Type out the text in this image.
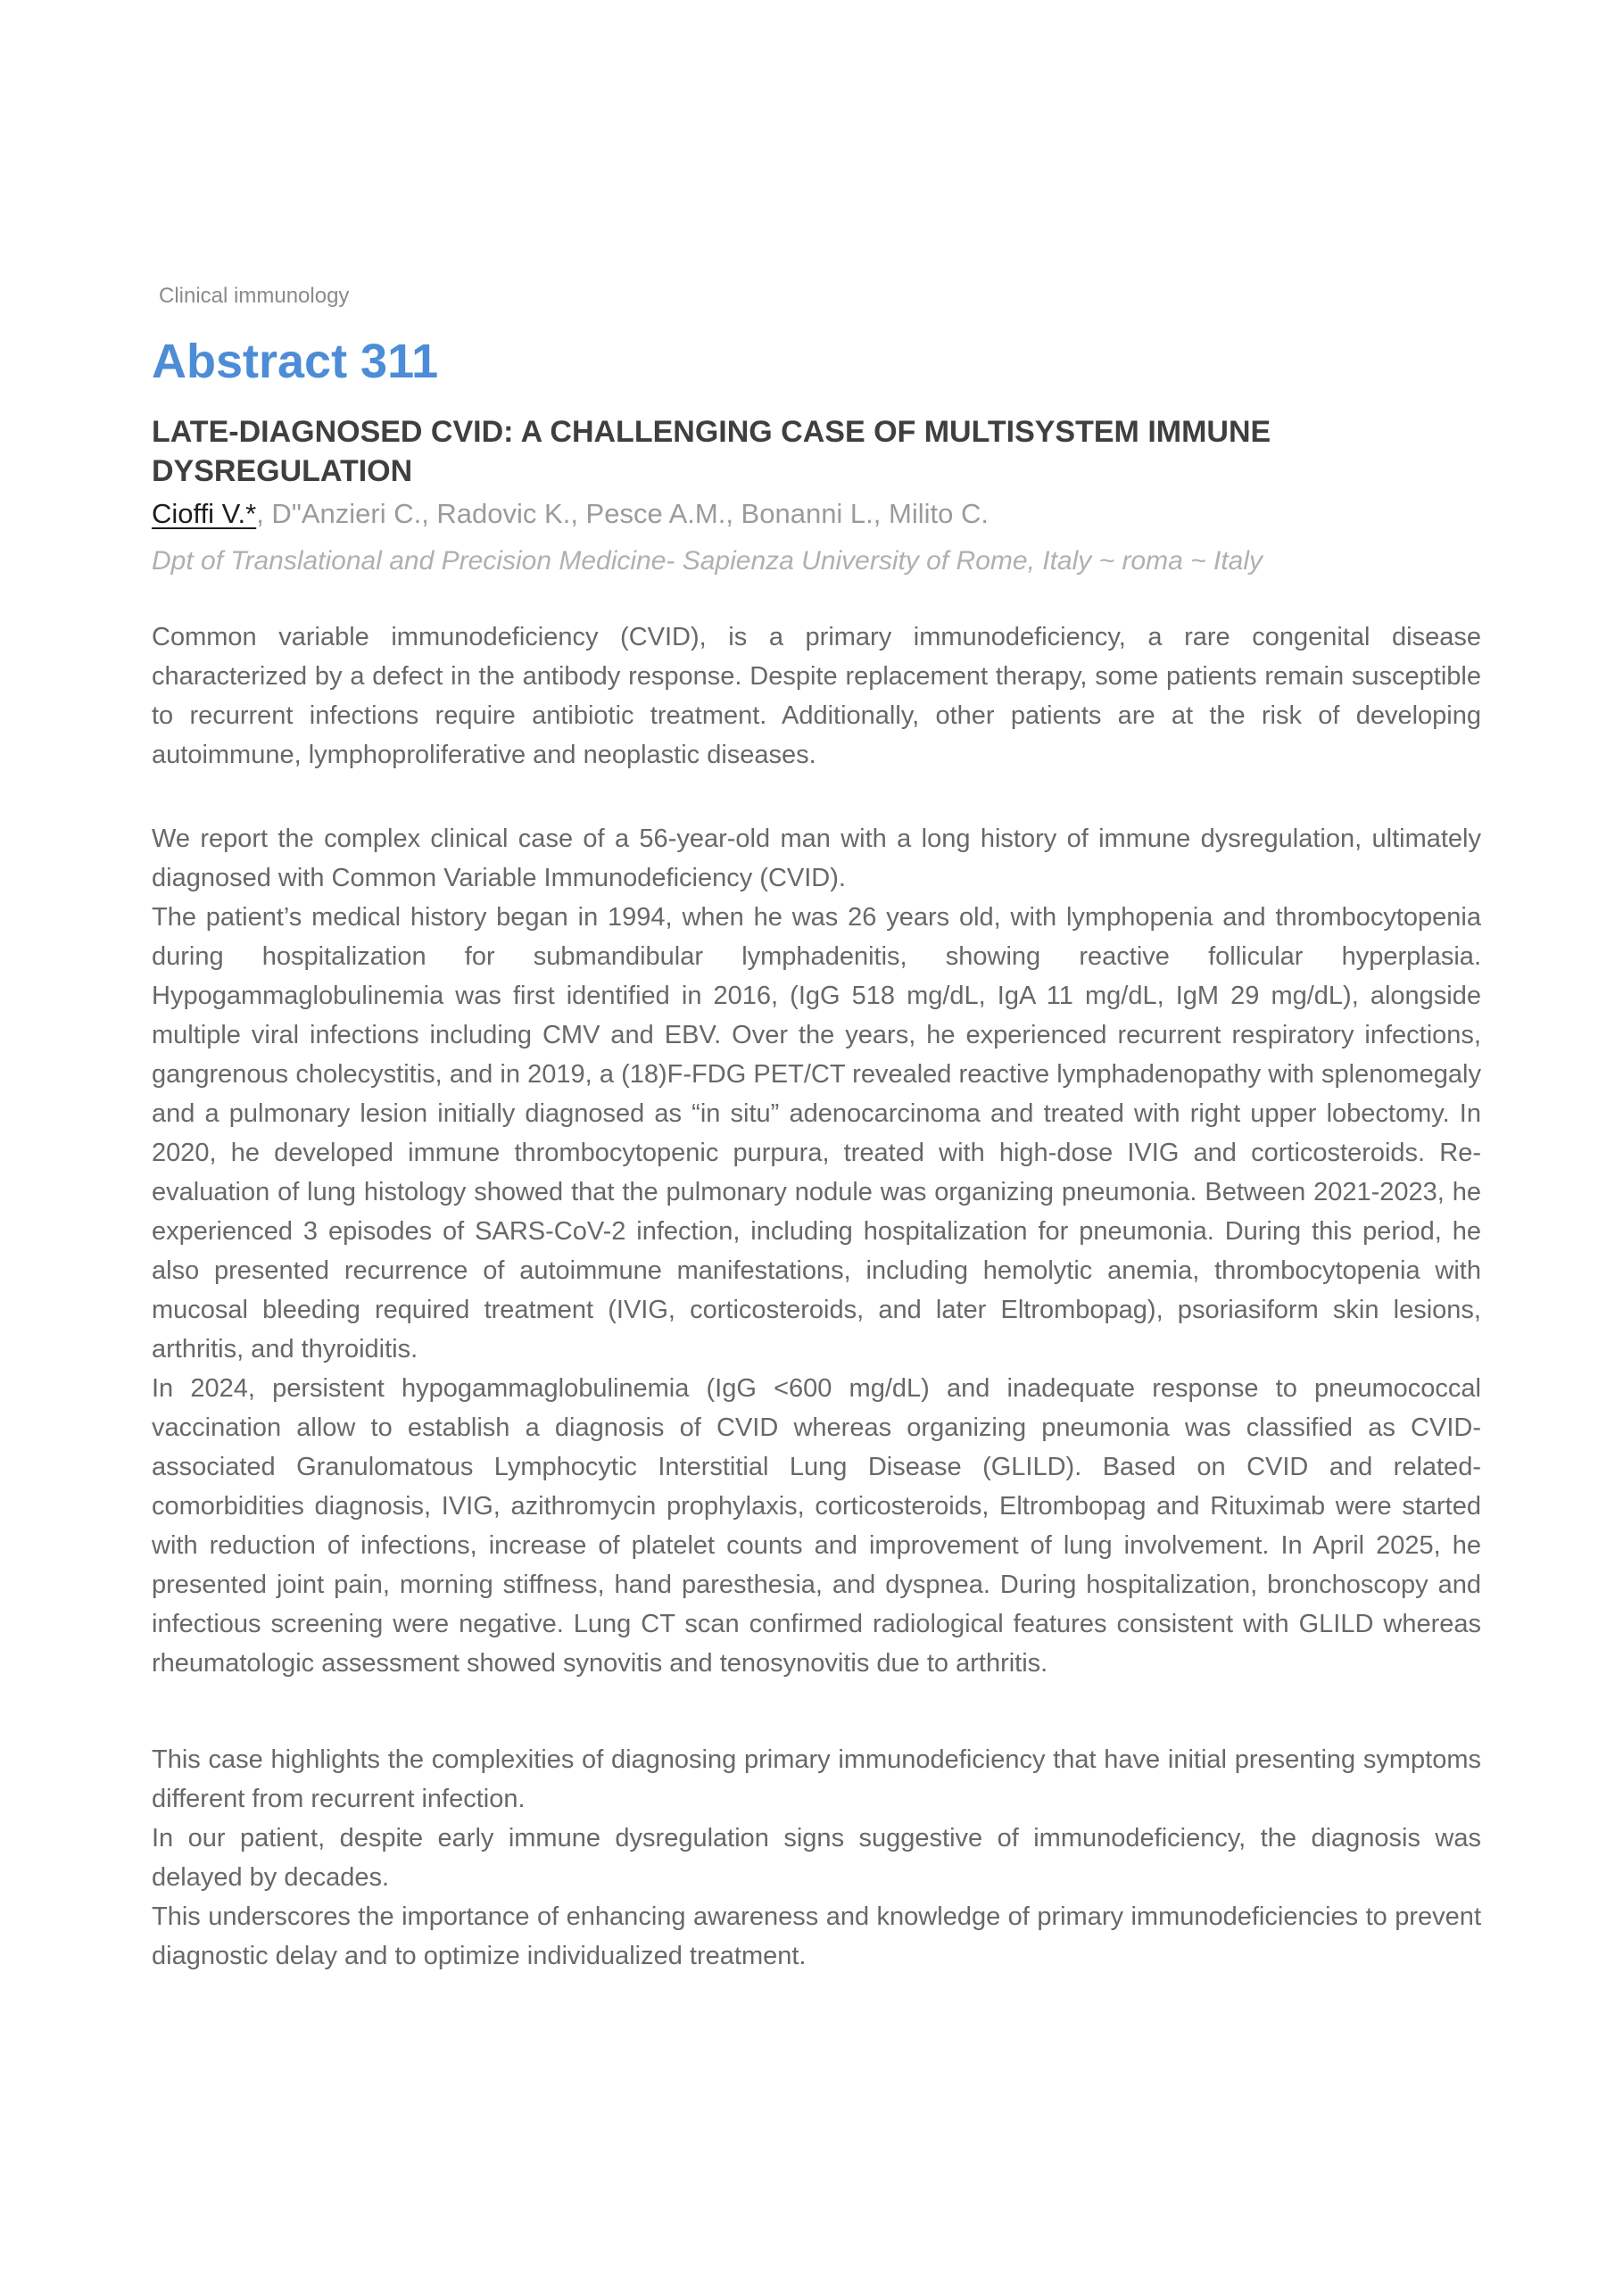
Clinical immunology
Abstract 311
LATE-DIAGNOSED CVID: A CHALLENGING CASE OF MULTISYSTEM IMMUNE DYSREGULATION
Cioffi V.*, D"Anzieri C., Radovic K., Pesce A.M., Bonanni L., Milito C.
Dpt of Translational and Precision Medicine- Sapienza University of Rome, Italy ~ roma ~ Italy

Common variable immunodeficiency (CVID), is a primary immunodeficiency, a rare congenital disease characterized by a defect in the antibody response. Despite replacement therapy, some patients remain susceptible to recurrent infections require antibiotic treatment. Additionally, other patients are at the risk of developing autoimmune, lymphoproliferative and neoplastic diseases.

We report the complex clinical case of a 56-year-old man with a long history of immune dysregulation, ultimately diagnosed with Common Variable Immunodeficiency (CVID).

The patient’s medical history began in 1994, when he was 26 years old, with lymphopenia and thrombocytopenia during hospitalization for submandibular lymphadenitis, showing reactive follicular hyperplasia. Hypogammaglobulinemia was first identified in 2016, (IgG 518 mg/dL, IgA 11 mg/dL, IgM 29 mg/dL), alongside multiple viral infections including CMV and EBV. Over the years, he experienced recurrent respiratory infections, gangrenous cholecystitis, and in 2019, a (18)F-FDG PET/CT revealed reactive lymphadenopathy with splenomegaly and a pulmonary lesion initially diagnosed as “in situ” adenocarcinoma and treated with right upper lobectomy. In 2020, he developed immune thrombocytopenic purpura, treated with high-dose IVIG and corticosteroids. Re-evaluation of lung histology showed that the pulmonary nodule was organizing pneumonia. Between 2021-2023, he experienced 3 episodes of SARS-CoV-2 infection, including hospitalization for pneumonia. During this period, he also presented recurrence of autoimmune manifestations, including hemolytic anemia, thrombocytopenia with mucosal bleeding required treatment (IVIG, corticosteroids, and later Eltrombopag), psoriasiform skin lesions, arthritis, and thyroiditis.

In 2024, persistent hypogammaglobulinemia (IgG <600 mg/dL) and inadequate response to pneumococcal vaccination allow to establish a diagnosis of CVID whereas organizing pneumonia was classified as CVID-associated Granulomatous Lymphocytic Interstitial Lung Disease (GLILD). Based on CVID and related-comorbidities diagnosis, IVIG, azithromycin prophylaxis, corticosteroids, Eltrombopag and Rituximab were started with reduction of infections, increase of platelet counts and improvement of lung involvement. In April 2025, he presented joint pain, morning stiffness, hand paresthesia, and dyspnea. During hospitalization, bronchoscopy and infectious screening were negative. Lung CT scan confirmed radiological features consistent with GLILD whereas rheumatologic assessment showed synovitis and tenosynovitis due to arthritis.

This case highlights the complexities of diagnosing primary immunodeficiency that have initial presenting symptoms different from recurrent infection.

In our patient, despite early immune dysregulation signs suggestive of immunodeficiency, the diagnosis was delayed by decades.

This underscores the importance of enhancing awareness and knowledge of primary immunodeficiencies to prevent diagnostic delay and to optimize individualized treatment.
